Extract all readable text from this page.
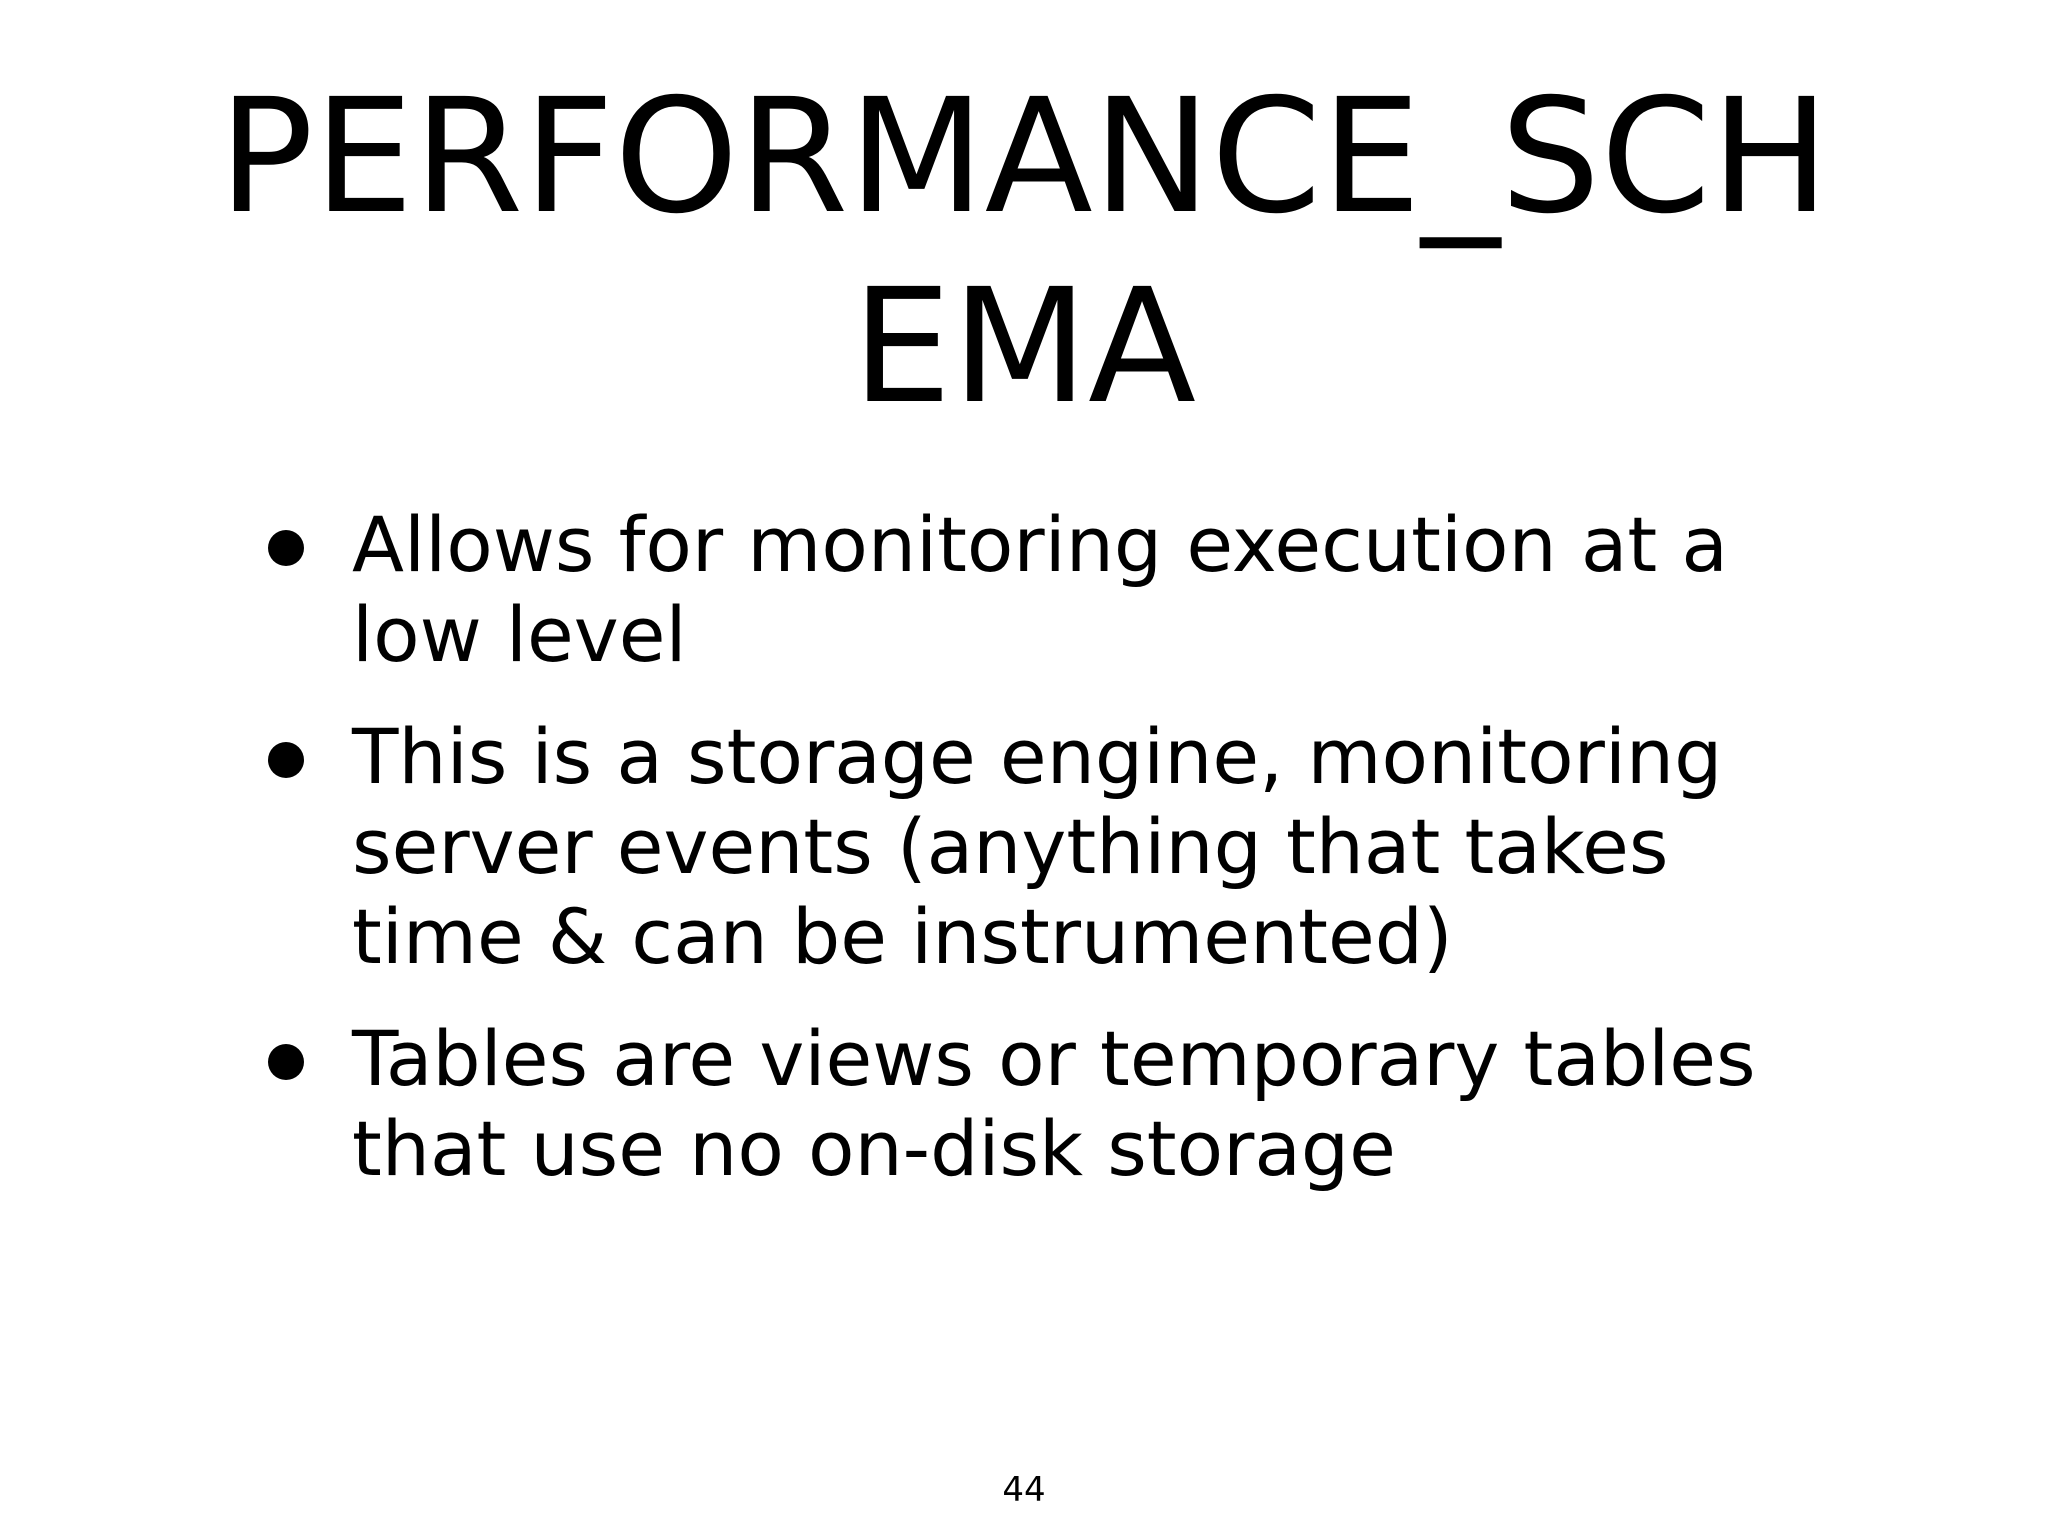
PERFORMANCE_SCH
EMA
Allows for monitoring execution at a low level
This is a storage engine, monitoring server events (anything that takes time & can be instrumented)
Tables are views or temporary tables that use no on-disk storage
44
